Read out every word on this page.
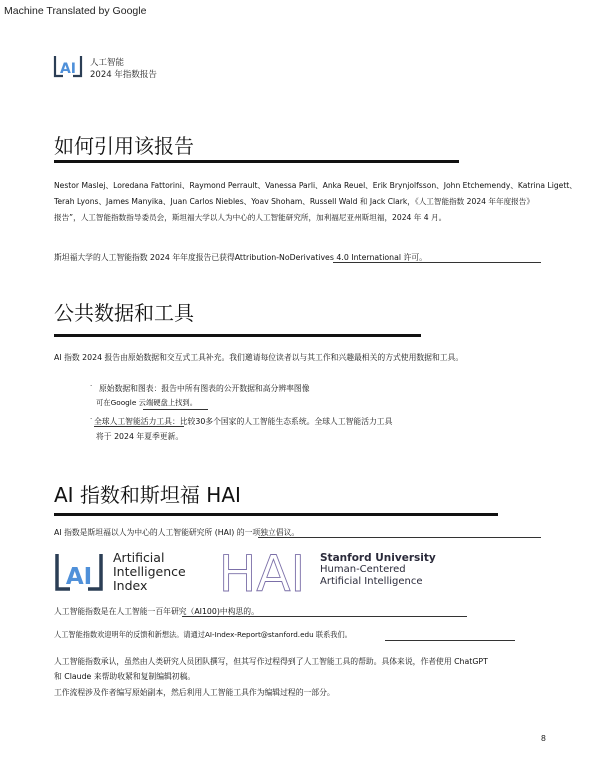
Machine Translated by Google
AI 人工智能
2024 年指数报告
如何引用该报告
Nestor Maslej、Loredana Fattorini、Raymond Perrault、Vanessa Parli、Anka Reuel、Erik Brynjolfsson、John Etchemendy、Katrina Ligett、
Terah Lyons、James Manyika、Juan Carlos Niebles、Yoav Shoham、Russell Wald 和 Jack Clark，《人工智能指数 2024 年年度报告》
报告”，人工智能指数指导委员会，斯坦福大学以人为中心的人工智能研究所，加利福尼亚州斯坦福，2024 年 4 月。
斯坦福大学的人工智能指数 2024 年年度报告已获得Attribution-NoDerivatives 4.0 International 许可。
公共数据和工具
AI 指数 2024 报告由原始数据和交互式工具补充。我们邀请每位读者以与其工作和兴趣最相关的方式使用数据和工具。
· 原始数据和图表：报告中所有图表的公开数据和高分辨率图像
可在Google 云端硬盘上找到。
· 全球人工智能活力工具：比较30多个国家的人工智能生态系统。全球人工智能活力工具
将于 2024 年夏季更新。
AI 指数和斯坦福 HAI
AI 指数是斯坦福以人为中心的人工智能研究所 (HAI) 的一项独立倡议。
AI
Artificial
Intelligence
Index	HAI Stanford University
Human-Centered
Artificial Intelligence
人工智能指数是在人工智能一百年研究（AI100)中构思的。
人工智能指数欢迎明年的反馈和新想法。请通过AI-Index-Report@stanford.edu 联系我们。
人工智能指数承认，虽然由人类研究人员团队撰写，但其写作过程得到了人工智能工具的帮助。具体来说，作者使用 ChatGPT
和 Claude 来帮助收紧和复制编辑初稿。
工作流程涉及作者编写原始副本，然后利用人工智能工具作为编辑过程的一部分。
8
